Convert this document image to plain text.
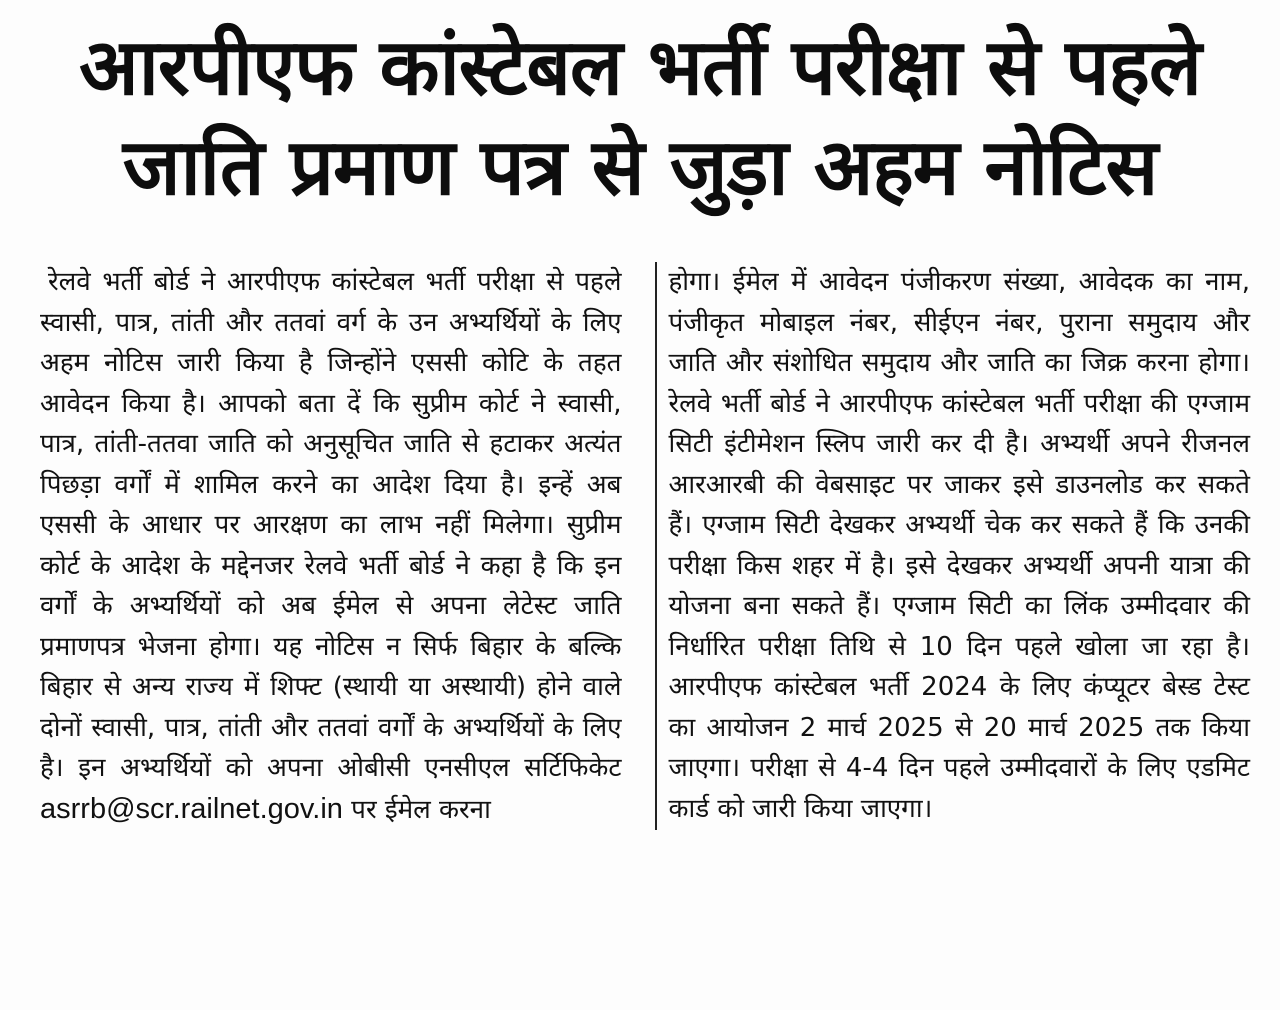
आरपीएफ कांस्टेबल भर्ती परीक्षा से पहले
जाति प्रमाण पत्र से जुड़ा अहम नोटिस

रेलवे भर्ती बोर्ड ने आरपीएफ कांस्टेबल भर्ती परीक्षा से पहले स्वासी, पात्र, तांती और ततवां वर्ग के उन अभ्यर्थियों के लिए अहम नोटिस जारी किया है जिन्होंने एससी कोटि के तहत आवेदन किया है। आपको बता दें कि सुप्रीम कोर्ट ने स्वासी, पात्र, तांती-ततवा जाति को अनुसूचित जाति से हटाकर अत्यंत पिछड़ा वर्गों में शामिल करने का आदेश दिया है। इन्हें अब एससी के आधार पर आरक्षण का लाभ नहीं मिलेगा। सुप्रीम कोर्ट के आदेश के मद्देनजर रेलवे भर्ती बोर्ड ने कहा है कि इन वर्गों के अभ्यर्थियों को अब ईमेल से अपना लेटेस्ट जाति प्रमाणपत्र भेजना होगा। यह नोटिस न सिर्फ बिहार के बल्कि बिहार से अन्य राज्य में शिफ्ट (स्थायी या अस्थायी) होने वाले दोनों स्वासी, पात्र, तांती और ततवां वर्गों के अभ्यर्थियों के लिए है। इन अभ्यर्थियों को अपना ओबीसी एनसीएल सर्टिफिकेट asrrb@scr.railnet.gov.in पर ईमेल करना

होगा। ईमेल में आवेदन पंजीकरण संख्या, आवेदक का नाम, पंजीकृत मोबाइल नंबर, सीईएन नंबर, पुराना समुदाय और जाति और संशोधित समुदाय और जाति का जिक्र करना होगा। रेलवे भर्ती बोर्ड ने आरपीएफ कांस्टेबल भर्ती परीक्षा की एग्जाम सिटी इंटीमेशन स्लिप जारी कर दी है। अभ्यर्थी अपने रीजनल आरआरबी की वेबसाइट पर जाकर इसे डाउनलोड कर सकते हैं। एग्जाम सिटी देखकर अभ्यर्थी चेक कर सकते हैं कि उनकी परीक्षा किस शहर में है। इसे देखकर अभ्यर्थी अपनी यात्रा की योजना बना सकते हैं। एग्जाम सिटी का लिंक उम्मीदवार की निर्धारित परीक्षा तिथि से 10 दिन पहले खोला जा रहा है। आरपीएफ कांस्टेबल भर्ती 2024 के लिए कंप्यूटर बेस्ड टेस्ट का आयोजन 2 मार्च 2025 से 20 मार्च 2025 तक किया जाएगा। परीक्षा से 4-4 दिन पहले उम्मीदवारों के लिए एडमिट कार्ड को जारी किया जाएगा।
